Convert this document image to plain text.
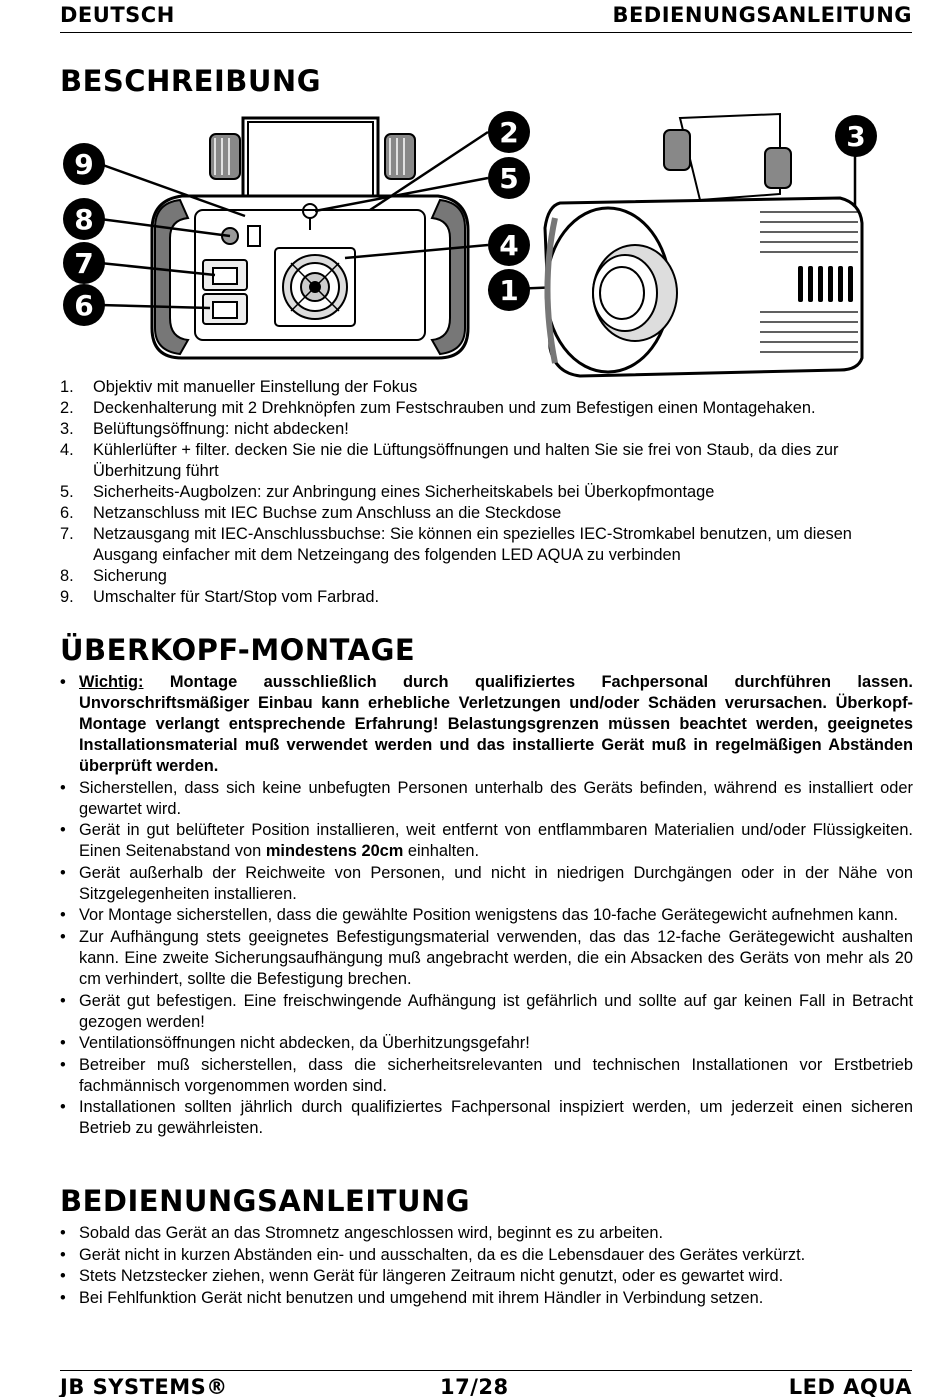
DEUTSCH	BEDIENUNGSANLEITUNG
BESCHREIBUNG
9
8
7
6
2
5
4
1
3
1. Objektiv mit manueller Einstellung der Fokus
2. Deckenhalterung mit 2 Drehknöpfen zum Festschrauben und zum Befestigen einen Montagehaken.
3. Belüftungsöffnung: nicht abdecken!
4. Kühlerlüfter + filter. decken Sie nie die Lüftungsöffnungen und halten Sie sie frei von Staub, da dies zur Überhitzung führt
5. Sicherheits-Augbolzen: zur Anbringung eines Sicherheitskabels bei Überkopfmontage
6. Netzanschluss mit IEC Buchse zum Anschluss an die Steckdose
7. Netzausgang mit IEC-Anschlussbuchse: Sie können ein spezielles IEC-Stromkabel benutzen, um diesen Ausgang einfacher mit dem Netzeingang des folgenden LED AQUA zu verbinden
8. Sicherung
9. Umschalter für Start/Stop vom Farbrad.
ÜBERKOPF-MONTAGE
• Wichtig: Montage ausschließlich durch qualifiziertes Fachpersonal durchführen lassen. Unvorschriftsmäßiger Einbau kann erhebliche Verletzungen und/oder Schäden verursachen. Überkopf-Montage verlangt entsprechende Erfahrung! Belastungsgrenzen müssen beachtet werden, geeignetes Installationsmaterial muß verwendet werden und das installierte Gerät muß in regelmäßigen Abständen überprüft werden.
• Sicherstellen, dass sich keine unbefugten Personen unterhalb des Geräts befinden, während es installiert oder gewartet wird.
• Gerät in gut belüfteter Position installieren, weit entfernt von entflammbaren Materialien und/oder Flüssigkeiten. Einen Seitenabstand von mindestens 20cm einhalten.
• Gerät außerhalb der Reichweite von Personen, und nicht in niedrigen Durchgängen oder in der Nähe von Sitzgelegenheiten installieren.
• Vor Montage sicherstellen, dass die gewählte Position wenigstens das 10-fache Gerätegewicht aufnehmen kann.
• Zur Aufhängung stets geeignetes Befestigungsmaterial verwenden, das das 12-fache Gerätegewicht aushalten kann. Eine zweite Sicherungsaufhängung muß angebracht werden, die ein Absacken des Geräts von mehr als 20 cm verhindert, sollte die Befestigung brechen.
• Gerät gut befestigen. Eine freischwingende Aufhängung ist gefährlich und sollte auf gar keinen Fall in Betracht gezogen werden!
• Ventilationsöffnungen nicht abdecken, da Überhitzungsgefahr!
• Betreiber muß sicherstellen, dass die sicherheitsrelevanten und technischen Installationen vor Erstbetrieb fachmännisch vorgenommen worden sind.
• Installationen sollten jährlich durch qualifiziertes Fachpersonal inspiziert werden, um jederzeit einen sicheren Betrieb zu gewährleisten.
BEDIENUNGSANLEITUNG
• Sobald das Gerät an das Stromnetz angeschlossen wird, beginnt es zu arbeiten.
• Gerät nicht in kurzen Abständen ein- und ausschalten, da es die Lebensdauer des Gerätes verkürzt.
• Stets Netzstecker ziehen, wenn Gerät für längeren Zeitraum nicht genutzt, oder es gewartet wird.
• Bei Fehlfunktion Gerät nicht benutzen und umgehend mit ihrem Händler in Verbindung setzen.
JB SYSTEMS®	17/28	LED AQUA
